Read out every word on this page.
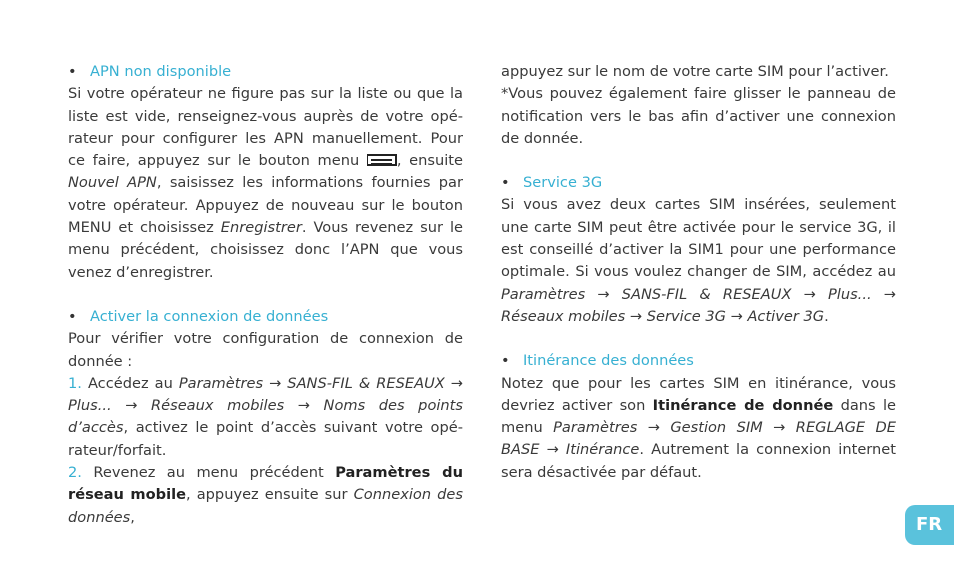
• APN non disponible

Si votre opérateur ne figure pas sur la liste ou que la liste est vide, renseignez-vous auprès de votre opérateur pour configurer les APN manuellement. Pour ce faire, appuyez sur le bouton menu , ensuite Nouvel APN, saisissez les informations fournies par votre opérateur. Appuyez de nouveau sur le bouton MENU et choisissez Enregistrer. Vous revenez sur le menu précédent, choisissez donc l’APN que vous venez d’enregistrer.

• Activer la connexion de données

Pour vérifier votre configuration de connexion de donnée :

1. Accédez au Paramètres → SANS-FIL & RESEAUX → Plus... → Réseaux mobiles → Noms des points d’accès, activez le point d’accès suivant votre opérateur/forfait.

2. Revenez au menu précédent Paramètres du réseau mobile, appuyez ensuite sur Connexion des données,

appuyez sur le nom de votre carte SIM pour l’activer.

*Vous pouvez également faire glisser le panneau de notification vers le bas afin d’activer une connexion de donnée.

• Service 3G

Si vous avez deux cartes SIM insérées, seulement une carte SIM peut être activée pour le service 3G, il est conseillé d’activer la SIM1 pour une performance optimale. Si vous voulez changer de SIM, accédez au Paramètres → SANS-FIL & RESEAUX → Plus... → Réseaux mobiles → Service 3G → Activer 3G.

• Itinérance des données

Notez que pour les cartes SIM en itinérance, vous devriez activer son Itinérance de donnée dans le menu Paramètres → Gestion SIM → REGLAGE DE BASE → Itinérance. Autrement la connexion internet sera désactivée par défaut.

FR
